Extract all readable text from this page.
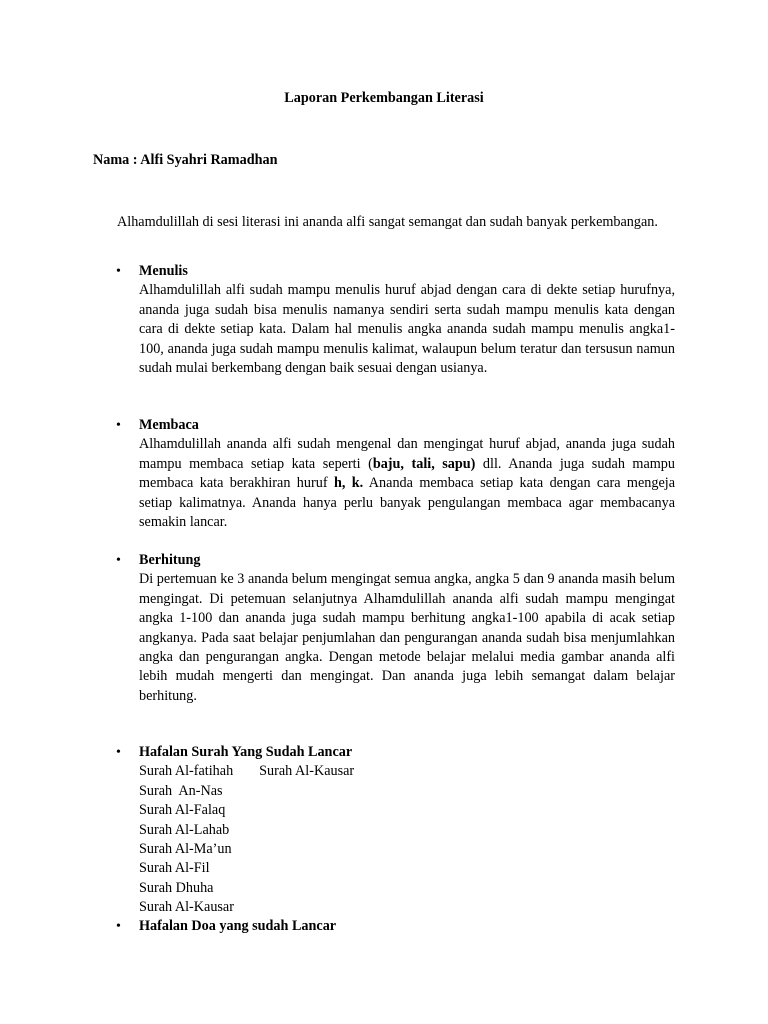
Laporan Perkembangan Literasi
Nama : Alfi Syahri Ramadhan
Alhamdulillah di sesi literasi ini ananda alfi sangat semangat dan sudah banyak perkembangan.
•	Menulis
Alhamdulillah alfi sudah mampu menulis huruf abjad dengan cara di dekte setiap hurufnya, ananda juga sudah bisa menulis namanya sendiri serta sudah mampu menulis kata dengan cara di dekte setiap kata. Dalam hal menulis angka ananda sudah mampu menulis angka1-100, ananda juga sudah mampu menulis kalimat, walaupun belum teratur dan tersusun namun sudah mulai berkembang dengan baik sesuai dengan usianya.
•	Membaca
Alhamdulillah ananda alfi sudah mengenal dan mengingat huruf abjad, ananda juga sudah mampu membaca setiap kata seperti (baju, tali, sapu) dll. Ananda juga sudah mampu membaca kata berakhiran huruf h, k. Ananda membaca setiap kata dengan cara mengeja setiap kalimatnya. Ananda hanya perlu banyak pengulangan membaca agar membacanya semakin lancar.
•	Berhitung
Di pertemuan ke 3 ananda belum mengingat semua angka, angka 5 dan 9 ananda masih belum mengingat. Di petemuan selanjutnya Alhamdulillah ananda alfi sudah mampu mengingat angka 1-100 dan ananda juga sudah mampu berhitung angka1-100 apabila di acak setiap angkanya. Pada saat belajar penjumlahan dan pengurangan ananda sudah bisa menjumlahkan angka dan pengurangan angka. Dengan metode belajar melalui media gambar ananda alfi lebih mudah mengerti dan mengingat. Dan ananda juga lebih semangat dalam belajar berhitung.
•	Hafalan Surah Yang Sudah Lancar
Surah Al-fatihah Surah Al-Kausar
Surah  An-Nas
Surah Al-Falaq
Surah Al-Lahab
Surah Al-Ma’un
Surah Al-Fil
Surah Dhuha
Surah Al-Kausar
•	Hafalan Doa yang sudah Lancar
